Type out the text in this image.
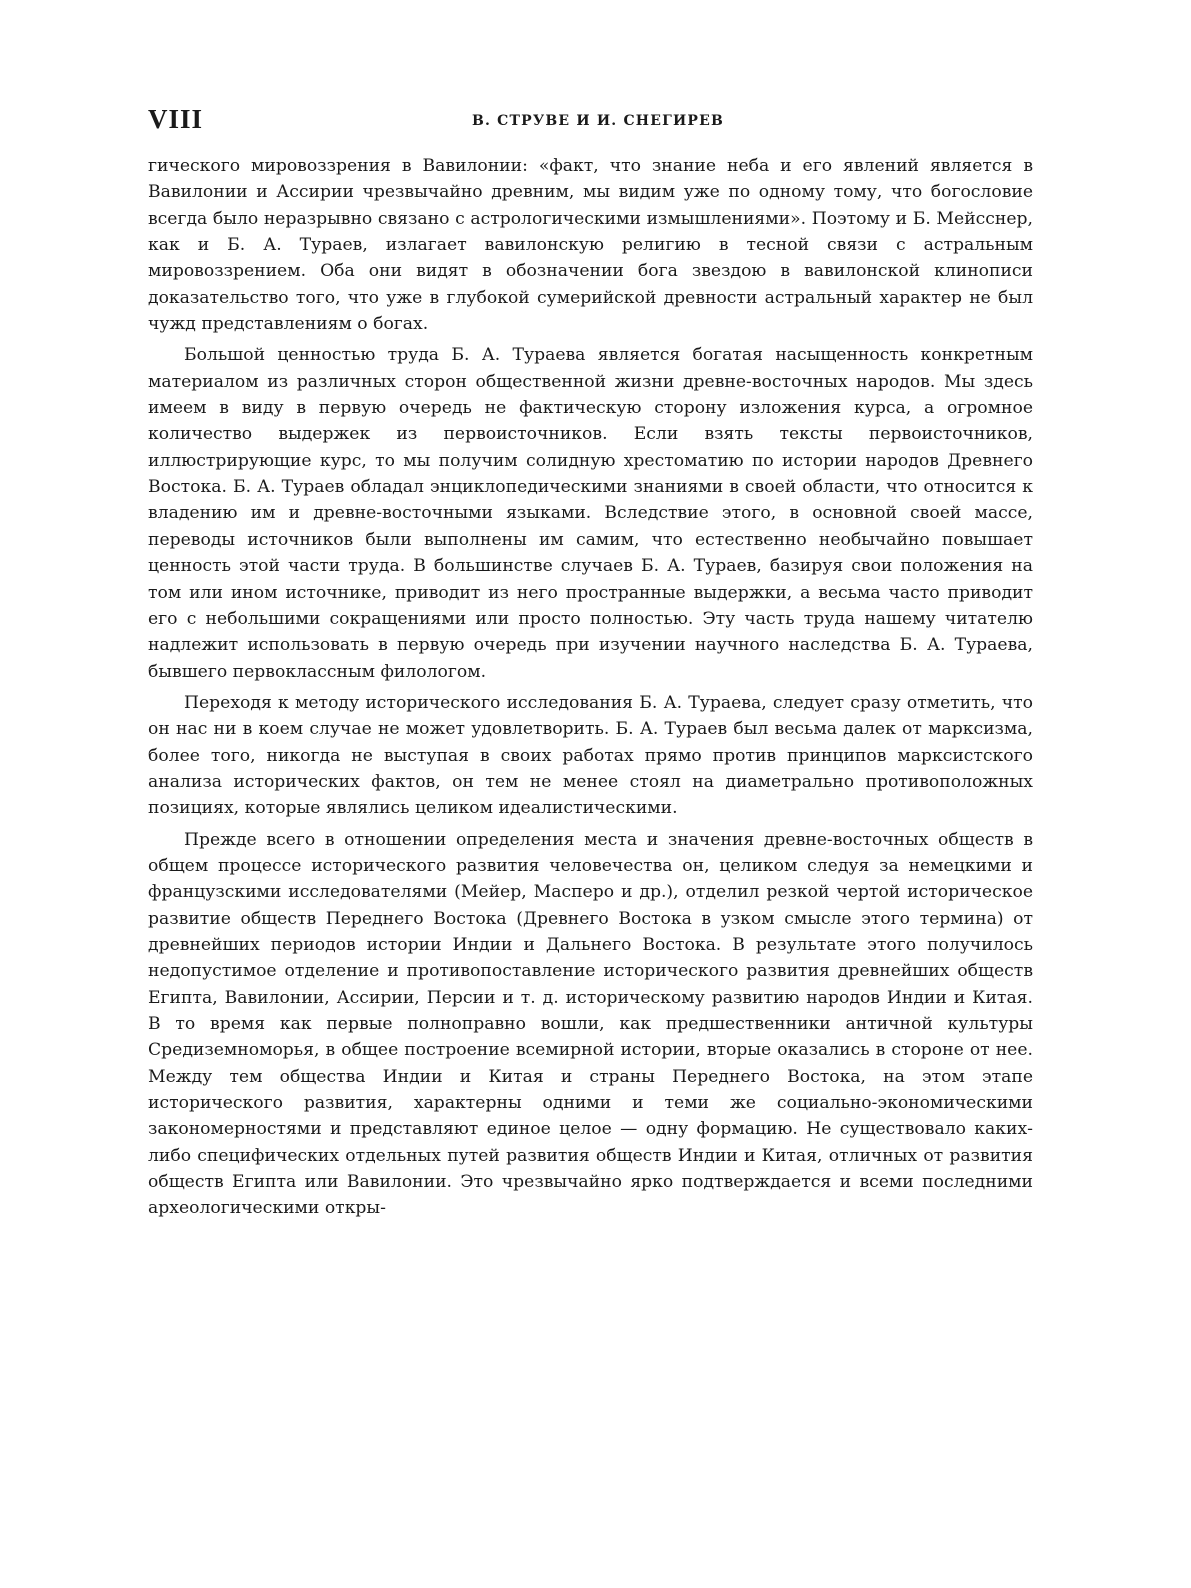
VIII	В. СТРУВЕ И И. СНЕГИРЕВ

гического мировоззрения в Вавилонии: «факт, что знание неба и его явлений является в Вавилонии и Ассирии чрезвычайно древним, мы видим уже по одному тому, что богословие всегда было неразрывно связано с астрологическими измышлениями». Поэтому и Б. Мейсснер, как и Б. А. Тураев, излагает вавилонскую религию в тесной связи с астральным мировоззрением. Оба они видят в обозначении бога звездою в вавилонской клинописи доказательство того, что уже в глубокой сумерийской древности астральный характер не был чужд представлениям о богах.

Большой ценностью труда Б. А. Тураева является богатая насыщенность конкретным материалом из различных сторон общественной жизни древне-восточных народов. Мы здесь имеем в виду в первую очередь не фактическую сторону изложения курса, а огромное количество выдержек из первоисточников. Если взять тексты первоисточников, иллюстрирующие курс, то мы получим солидную хрестоматию по истории народов Древнего Востока. Б. А. Тураев обладал энциклопедическими знаниями в своей области, что относится к владению им и древне-восточными языками. Вследствие этого, в основной своей массе, переводы источников были выполнены им самим, что естественно необычайно повышает ценность этой части труда. В большинстве случаев Б. А. Тураев, базируя свои положения на том или ином источнике, приводит из него пространные выдержки, а весьма часто приводит его с небольшими сокращениями или просто полностью. Эту часть труда нашему читателю надлежит использовать в первую очередь при изучении научного наследства Б. А. Тураева, бывшего первоклассным филологом.

Переходя к методу исторического исследования Б. А. Тураева, следует сразу отметить, что он нас ни в коем случае не может удовлетворить. Б. А. Тураев был весьма далек от марксизма, более того, никогда не выступая в своих работах прямо против принципов марксистского анализа исторических фактов, он тем не менее стоял на диаметрально противоположных позициях, которые являлись целиком идеалистическими.

Прежде всего в отношении определения места и значения древне-восточных обществ в общем процессе исторического развития человечества он, целиком следуя за немецкими и французскими исследователями (Мейер, Масперо и др.), отделил резкой чертой историческое развитие обществ Переднего Востока (Древнего Востока в узком смысле этого термина) от древнейших периодов истории Индии и Дальнего Востока. В результате этого получилось недопустимое отделение и противопоставление исторического развития древнейших обществ Египта, Вавилонии, Ассирии, Персии и т. д. историческому развитию народов Индии и Китая. В то время как первые полноправно вошли, как предшественники античной культуры Средиземноморья, в общее построение всемирной истории, вторые оказались в стороне от нее. Между тем общества Индии и Китая и страны Переднего Востока, на этом этапе исторического развития, характерны одними и теми же социально-экономическими закономерностями и представляют единое целое — одну формацию. Не существовало каких-либо специфических отдельных путей развития обществ Индии и Китая, отличных от развития обществ Египта или Вавилонии. Это чрезвычайно ярко подтверждается и всеми последними археологическими откры-
